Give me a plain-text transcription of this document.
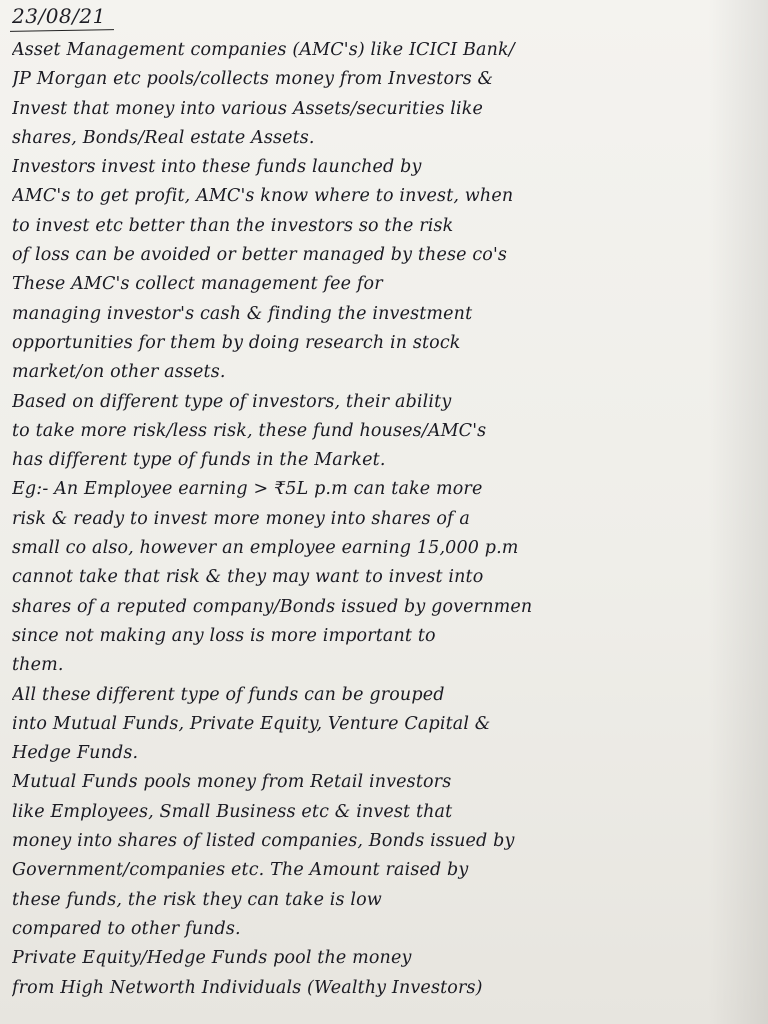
23/08/21
Asset Management companies (AMC's) like ICICI Bank/
JP Morgan etc pools/collects money from Investors &
Invest that money into various Assets/securities like
shares, Bonds/Real estate Assets.
Investors invest into these funds launched by
AMC's to get profit, AMC's know where to invest, when
to invest etc better than the investors so the risk
of loss can be avoided or better managed by these co's
These AMC's collect management fee for
managing investor's cash & finding the investment
opportunities for them by doing research in stock
market/on other assets.
Based on different type of investors, their ability
to take more risk/less risk, these fund houses/AMC's
has different type of funds in the Market.
Eg:- An Employee earning > ₹5L p.m can take more
risk & ready to invest more money into shares of a
small co also, however an employee earning 15,000 p.m
cannot take that risk & they may want to invest into
shares of a reputed company/Bonds issued by governmen
since not making any loss is more important to
them.
All these different type of funds can be grouped
into Mutual Funds, Private Equity, Venture Capital &
Hedge Funds.
Mutual Funds pools money from Retail investors
like Employees, Small Business etc & invest that
money into shares of listed companies, Bonds issued by
Government/companies etc. The Amount raised by
these funds, the risk they can take is low
compared to other funds.
Private Equity/Hedge Funds pool the money
from High Networth Individuals (Wealthy Investors)
